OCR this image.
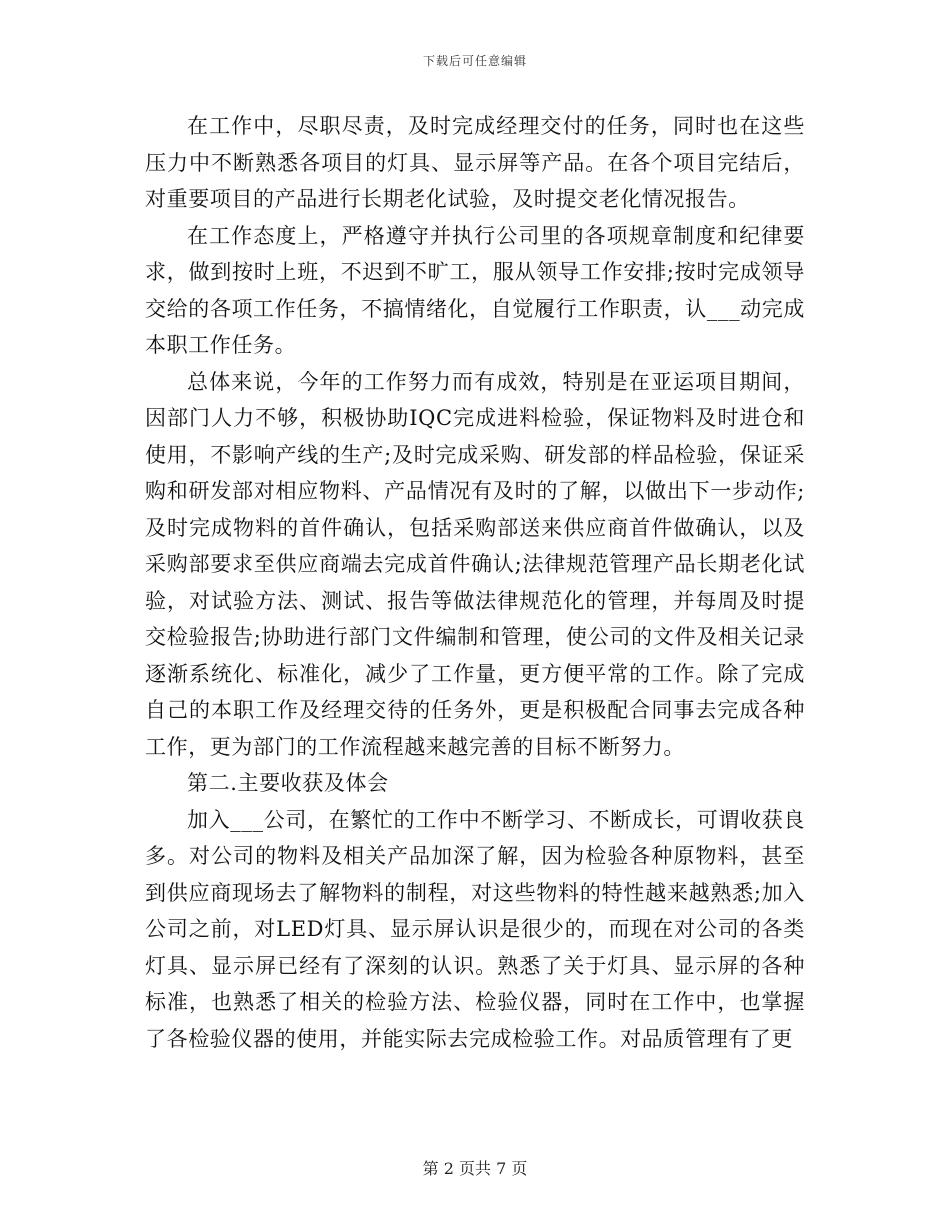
下载后可任意编辑

在工作中，尽职尽责，及时完成经理交付的任务，同时也在这些压力中不断熟悉各项目的灯具、显示屏等产品。在各个项目完结后，对重要项目的产品进行长期老化试验，及时提交老化情况报告。

在工作态度上，严格遵守并执行公司里的各项规章制度和纪律要求，做到按时上班，不迟到不旷工，服从领导工作安排;按时完成领导交给的各项工作任务，不搞情绪化，自觉履行工作职责，认___动完成本职工作任务。

总体来说，今年的工作努力而有成效，特别是在亚运项目期间，因部门人力不够，积极协助IQC完成进料检验，保证物料及时进仓和使用，不影响产线的生产;及时完成采购、研发部的样品检验，保证采购和研发部对相应物料、产品情况有及时的了解，以做出下一步动作;及时完成物料的首件确认，包括采购部送来供应商首件做确认，以及采购部要求至供应商端去完成首件确认;法律规范管理产品长期老化试验，对试验方法、测试、报告等做法律规范化的管理，并每周及时提交检验报告;协助进行部门文件编制和管理，使公司的文件及相关记录逐渐系统化、标准化，减少了工作量，更方便平常的工作。除了完成自己的本职工作及经理交待的任务外，更是积极配合同事去完成各种工作，更为部门的工作流程越来越完善的目标不断努力。

第二.主要收获及体会

加入___公司，在繁忙的工作中不断学习、不断成长，可谓收获良多。对公司的物料及相关产品加深了解，因为检验各种原物料，甚至到供应商现场去了解物料的制程，对这些物料的特性越来越熟悉;加入公司之前，对LED灯具、显示屏认识是很少的，而现在对公司的各类灯具、显示屏已经有了深刻的认识。熟悉了关于灯具、显示屏的各种标准，也熟悉了相关的检验方法、检验仪器，同时在工作中，也掌握了各检验仪器的使用，并能实际去完成检验工作。对品质管理有了更

第 2 页共 7 页
